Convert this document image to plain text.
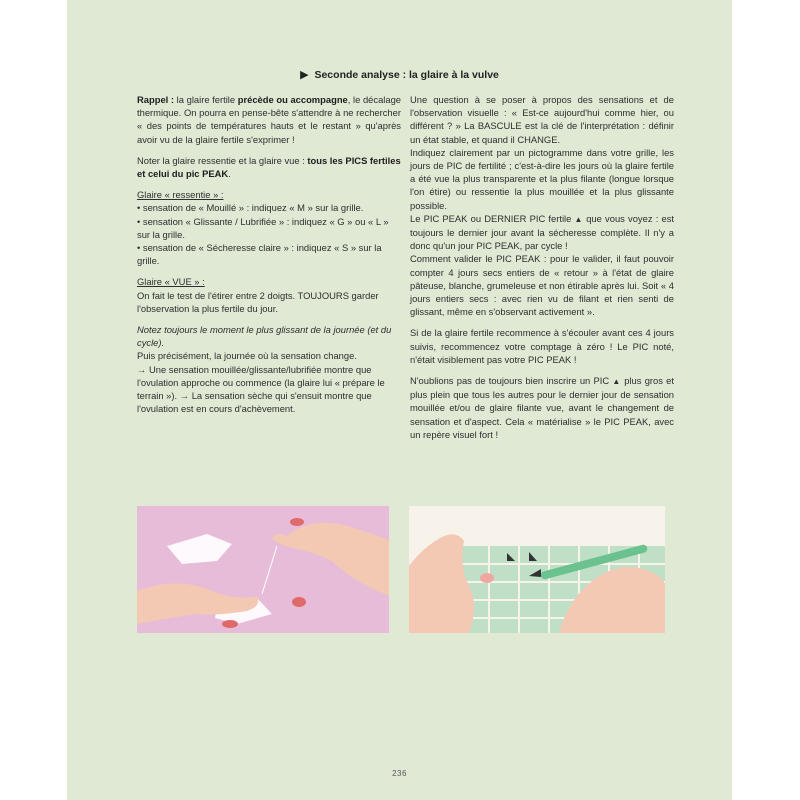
▶ Seconde analyse : la glaire à la vulve

Rappel : la glaire fertile précède ou accompagne, le décalage thermique. On pourra en pense-bête s'attendre à ne rechercher « des points de températures hauts et le restant » qu'après avoir vu de la glaire fertile s'exprimer !

Noter la glaire ressentie et la glaire vue : tous les PICS fertiles et celui du pic PEAK.

Glaire « ressentie » :

• sensation de « Mouillé » : indiquez « M » sur la grille.

• sensation « Glissante / Lubrifiée » : indiquez « G » ou « L » sur la grille.

• sensation de « Sécheresse claire » : indiquez « S » sur la grille.

Glaire « VUE » :

On fait le test de l'étirer entre 2 doigts. TOUJOURS garder l'observation la plus fertile du jour.

Notez toujours le moment le plus glissant de la journée (et du cycle).

Puis précisément, la journée où la sensation change.

→ Une sensation mouillée/glissante/lubrifiée montre que l'ovulation approche ou commence (la glaire lui « prépare le terrain »). → La sensation sèche qui s'ensuit montre que l'ovulation est en cours d'achèvement.

Une question à se poser à propos des sensations et de l'observation visuelle : « Est-ce aujourd'hui comme hier, ou différent ? » La BASCULE est la clé de l'interprétation : définir un état stable, et quand il CHANGE.

Indiquez clairement par un pictogramme dans votre grille, les jours de PIC de fertilité ; c'est-à-dire les jours où la glaire fertile a été vue la plus transparente et la plus filante (longue lorsque l'on étire) ou ressentie la plus mouillée et la plus glissante possible.

Le PIC PEAK ou DERNIER PIC fertile ▲ que vous voyez : est toujours le dernier jour avant la sécheresse complète. Il n'y a donc qu'un jour PIC PEAK, par cycle !

Comment valider le PIC PEAK : pour le valider, il faut pouvoir compter 4 jours secs entiers de « retour » à l'état de glaire pâteuse, blanche, grumeleuse et non étirable après lui. Soit « 4 jours entiers secs : avec rien vu de filant et rien senti de glissant, même en s'observant activement ».

Si de la glaire fertile recommence à s'écouler avant ces 4 jours suivis, recommencez votre comptage à zéro ! Le PIC noté, n'était visiblement pas votre PIC PEAK !

N'oublions pas de toujours bien inscrire un PIC ▲ plus gros et plus plein que tous les autres pour le dernier jour de sensation mouillée et/ou de glaire filante vue, avant le changement de sensation et d'aspect. Cela « matérialise » le PIC PEAK, avec un repère visuel fort !

236
